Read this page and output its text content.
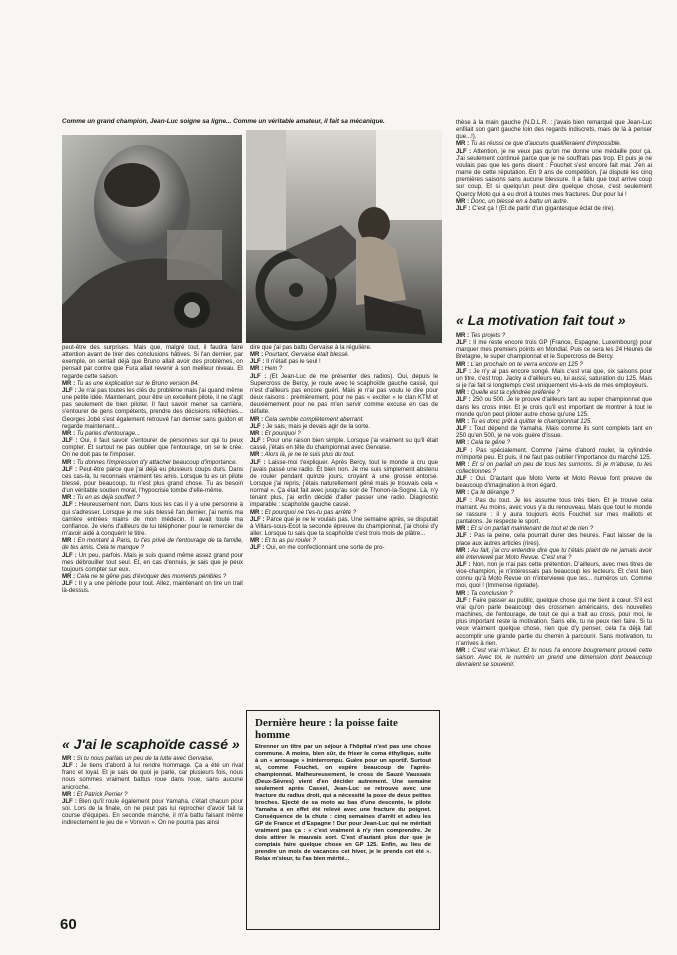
Comme un grand champion, Jean-Luc soigne sa ligne... Comme un véritable amateur, il fait sa mécanique.

peut-être des surprises. Mais que, malgré tout, il faudra faire attention avant de tirer des conclusions hâtives. Si l'an dernier, par exemple, on sentait déjà que Bruno allait avoir des problèmes, on pensait par contre que Fura allait revenir à son meilleur niveau. Et regarde cette saison.

MR : Tu as une explication sur le Bruno version 84.

JLF : Je n'ai pas toutes les clés du problème mais j'ai quand même une petite idée. Maintenant, pour être un excellent pilote, il ne s'agit pas seulement de bien piloter. Il faut savoir mener sa carrière, s'entourer de gens compétents, prendre des décisions réfléchies... Georges Jobé s'est également retrouvé l'an dernier sans guidon et regarde maintenant...

MR : Tu parles d'entourage...

JLF : Oui, il faut savoir s'entourer de personnes sur qui tu peux compter. Et surtout ne pas oublier que l'entourage, on se le crée. On ne doit pas te l'imposer.

MR : Tu donnes l'impression d'y attacher beaucoup d'importance.

JLF : Peut-être parce que j'ai déjà eu plusieurs coups durs. Dans ces cas-là, tu reconnais vraiment tes amis. Lorsque tu es un pilote blessé, pour beaucoup, tu n'est plus grand chose. Tu as besoin d'un véritable soutien moral, l'hypocrisie tombe d'elle-même.

MR : Tu en as déjà souffert ?

JLF : Heureusement non. Dans tous les cas il y a une personne à qui s'adresser. Lorsque je me suis blessé l'an dernier, j'ai remis ma carrière entrées mains de mon médecin. Il avait toute ma confiance. Je viens d'ailleurs de lui téléphoner pour le remercier de m'avoir aidé à conquérir le titre.

MR : En montant à Paris, tu t'es privé de l'entourage de ta famille, de tes amis. Cela te manque ?

JLF : Un peu, parfois. Mais je suis quand même assez grand pour mes débrouiller tout seul. Et, en cas d'ennuis, je sais que je peux toujours compter sur eux.

MR : Cela ne te gêne pas d'évoquer des moments pénibles ?

JLF : Il y a une période pour tout. Allez, maintenant on tire un trait là-dessus.

« J'ai le scaphoïde cassé »

MR : Si tu nous parlais un peu de ta lutte avec Gervaise.

JLF : Je tiens d'abord à lui rendre hommage. Ça a été un rival franc et loyal. Et je sais de quoi je parle, car plusieurs fois, nous nous sommes vraiment battus roue dans roue, sans aucune anicroche.

MR : Et Patrick Perrier ?

JLF : Bien qu'il roule également pour Yamaha, c'était chacun pour soi. Lors de la finale, on ne peut pas lui reprocher d'avoir fait la course d'équipes. En seconde manche, il m'a battu faisant même indirectement le jeu de « Vonvon ». On ne pourra pas ainsi

dire que j'ai pas battu Gervaise à la régulière.

MR : Pourtant, Gervaise était blessé.

JLF : Il n'était pas le seul !

MR : Hein ?

JLF : (Et Jean-Luc de me présenter des radios). Oui, depuis le Supercross de Bercy, je roule avec le scaphoïde gauche cassé, qui n'est d'ailleurs pas encore guéri. Mais je n'ai pas voulu le dire pour deux raisons : premièrement, pour ne pas « exciter » le clan KTM et deuxièmement pour ne pas m'en servir comme excuse en cas de défaite.

MR : Cela semble complètement aberrant.

JLF : Je sais, mais je devais agir de la sorte.

MR : Et pourquoi ?

JLF : Pour une raison bien simple. Lorsque j'ai vraiment su qu'il était cassé, j'étais en tête du championnat avec Gervaise.

MR : Alors là, je ne te suis plus du tout.

JLF : Laisse-moi t'expliquer. Après Bercy, tout le monde a cru que j'avais passé une radio. Et bien non. Je me suis simplement abstenu de rouler pendant quinze jours, croyant à une grosse entorse. Lorsque j'ai repris, j'étais naturellement gêné mais je trouvais cela « normal ». Ça était fait avec jusqu'au soir de Thonon-la-Sogne. Là, n'y tenant plus, j'ai enfin décidé d'aller passer une radio. Diagnostic imparable : scaphoïde gauche cassé.

MR : Et pourquoi ne t'es-tu pas arrêté ?

JLF : Parce que je ne le voulais pas. Une semaine après, se disputait à Villars-sous-Ecot la seconde épreuve du championnat, j'ai choisi d'y aller. Lorsque tu sais que ta scaphoïde c'est trois mois de plâtre...

MR : Et tu as pu rouler ?

JLF : Oui, en me confectionnant une sorte de pro-

Dernière heure : la poisse faite homme
Etrenner un titre par un séjour à l'hôpital n'est pas une chose commune. A moins, bien sûr, de friser le coma éthylique, suite à un « arrosage » ininterrompu. Guère pour un sportif. Surtout si, comme Fouchet, on espère beaucoup de l'après-championnat. Malheureusement, le cross de Sauzé Vaussais (Deux-Sèvres) vient d'en décider autrement. Une semaine seulement après Cassel, Jean-Luc se retrouve avec une fracture du radius droit, qui a nécessité la pose de deux petites broches. Ejecté de sa moto au bas d'une descente, le pilote Yamaha a en effet été relevé avec une fracture du poignet. Conséquence de la chute : cinq semaines d'arrêt et adieu les GP de France et d'Espagne ! Dur pour Jean-Luc qui ne méritait vraiment pas ça : « c'est vraiment à n'y rien comprendre. Je dois attirer le mauvais sort. C'est d'autant plus dur que je comptais faire quelque chose en GP 125. Enfin, au lieu de prendre un mois de vacances cet hiver, je le prends cet été ». Relax m'sieur, tu l'as bien mérité...

thèse à la main gauche (N.D.L.R. : j'avais bien remarqué que Jean-Luc enfilait son gant gauche loin des regards indiscrets, mais de là à penser que...!).

MR : Tu as réussi ce que d'aucuns qualifieraient d'impossible.

JLF : Attention, je ne veux pas qu'on me donne une médaille pour ça. J'ai seulement continué parce que je ne souffrais pas trop. Et puis je ne voulais pas que les gens disent : Fouchet s'est encore fait mal. J'en ai marre de cette réputation. En 9 ans de compétition, j'ai disputé les cinq premières saisons sans aucune blessure. Il a fallu que tout arrive coup sur coup. Et si quelqu'un peut dire quelque chose, c'est seulement Quercy Moto qui a eu droit à toutes mes fractures. Dur pour lui !

MR : Donc, un blessé en a battu un autre.

JLF : C'est ça ! (Et de partir d'un gigantesque éclat de rire).

« La motivation fait tout »

MR : Tes projets ?

JLF : Il me reste encore trois GP (France, Espagne, Luxembourg) pour marquer mes premiers points en Mondial. Puis ce sera les 24 Heures de Bretagne, le super championnat et le Supercross de Bercy.

MR : L'an prochain on te verra encore en 125 ?

JLF : Je n'y ai pas encore songé. Mais c'est vrai que, six saisons pour un titre, c'est trop. Jacky a d'ailleurs eu, lui aussi, saturation du 125. Mais si je l'ai fait si longtemps c'est uniquement vis-à-vis de mes employeurs.

MR : Quelle est ta cylindrée préférée ?

JLF : 250 ou 500. Je le prouve d'ailleurs tant au super championnat que dans les cross inter. Et je crois qu'il est important de montrer à tout le monde qu'on peut piloter autre chose qu'une 125.

MR : Tu es donc prêt à quitter le championnat 125.

JLF : Tout dépend de Yamaha. Mais comme ils sont complets tant en 250 qu'en 500, je ne vois guère d'issue.

MR : Cela te gêne ?

JLF : Pas spécialement. Comme j'aime d'abord rouler, la cylindrée m'importe peu. Et puis, il ne faut pas oublier l'importance du marché 125.

MR : Et si on parlait un peu de tous tes surnoms. Si je m'abuse, tu les collectionnes ?

JLF : Oui. D'autant que Moto Verte et Moto Revue font preuve de beaucoup d'imagination à mon égard.

MR : Ça te dérange ?

JLF : Pas du tout. Je les assume tous très bien. Et je trouve cela marrant. Au moins, avec vous y'a du renouveau. Mais que tout le monde se rassure : il y aura toujours écris Fouchet sur mes maillots et pantalons. Je respecte le sport.

MR : Et si on partait maintenant de tout et de rien ?

JLF : Pas la peine, cela pourrait durer des heures. Faut laisser de la place aux autres articles (rires).

MR : Au fait, j'ai cru entendre dire que tu t'étais plaint de ne jamais avoir été interviewé par Moto Revue. C'est vrai ?

JLF : Non, non je n'ai pas cette prétention. D'ailleurs, avec mes titres de vice-champion, je n'intéressais pas beaucoup les lecteurs. Et c'est bien connu qu'à Moto Revue on n'interviewe que les... numéros un. Comme moi, quoi ! (Immense rigolade).

MR : Ta conclusion ?

JLF : Faire passer au public, quelque chose qui me tient à cœur. S'il est vrai qu'on parle beaucoup des crossmen américains, des nouvelles machines, de l'entourage, de tout ce qui a trait au cross, pour moi, le plus important reste la motivation. Sans elle, tu ne peux rien faire. Si tu veux vraiment quelque chose, rien que d'y penser, cela t'a déjà fait accomplir une grande partie du chemin à parcourir. Sans motivation, tu n'arrives à rien.

MR : C'est vrai m'sieur. Et tu nous l'a encore bougrement prouvé cette saison. Avec toi, le numéro un prend une dimension dont beaucoup devraient se souvenir.

60
